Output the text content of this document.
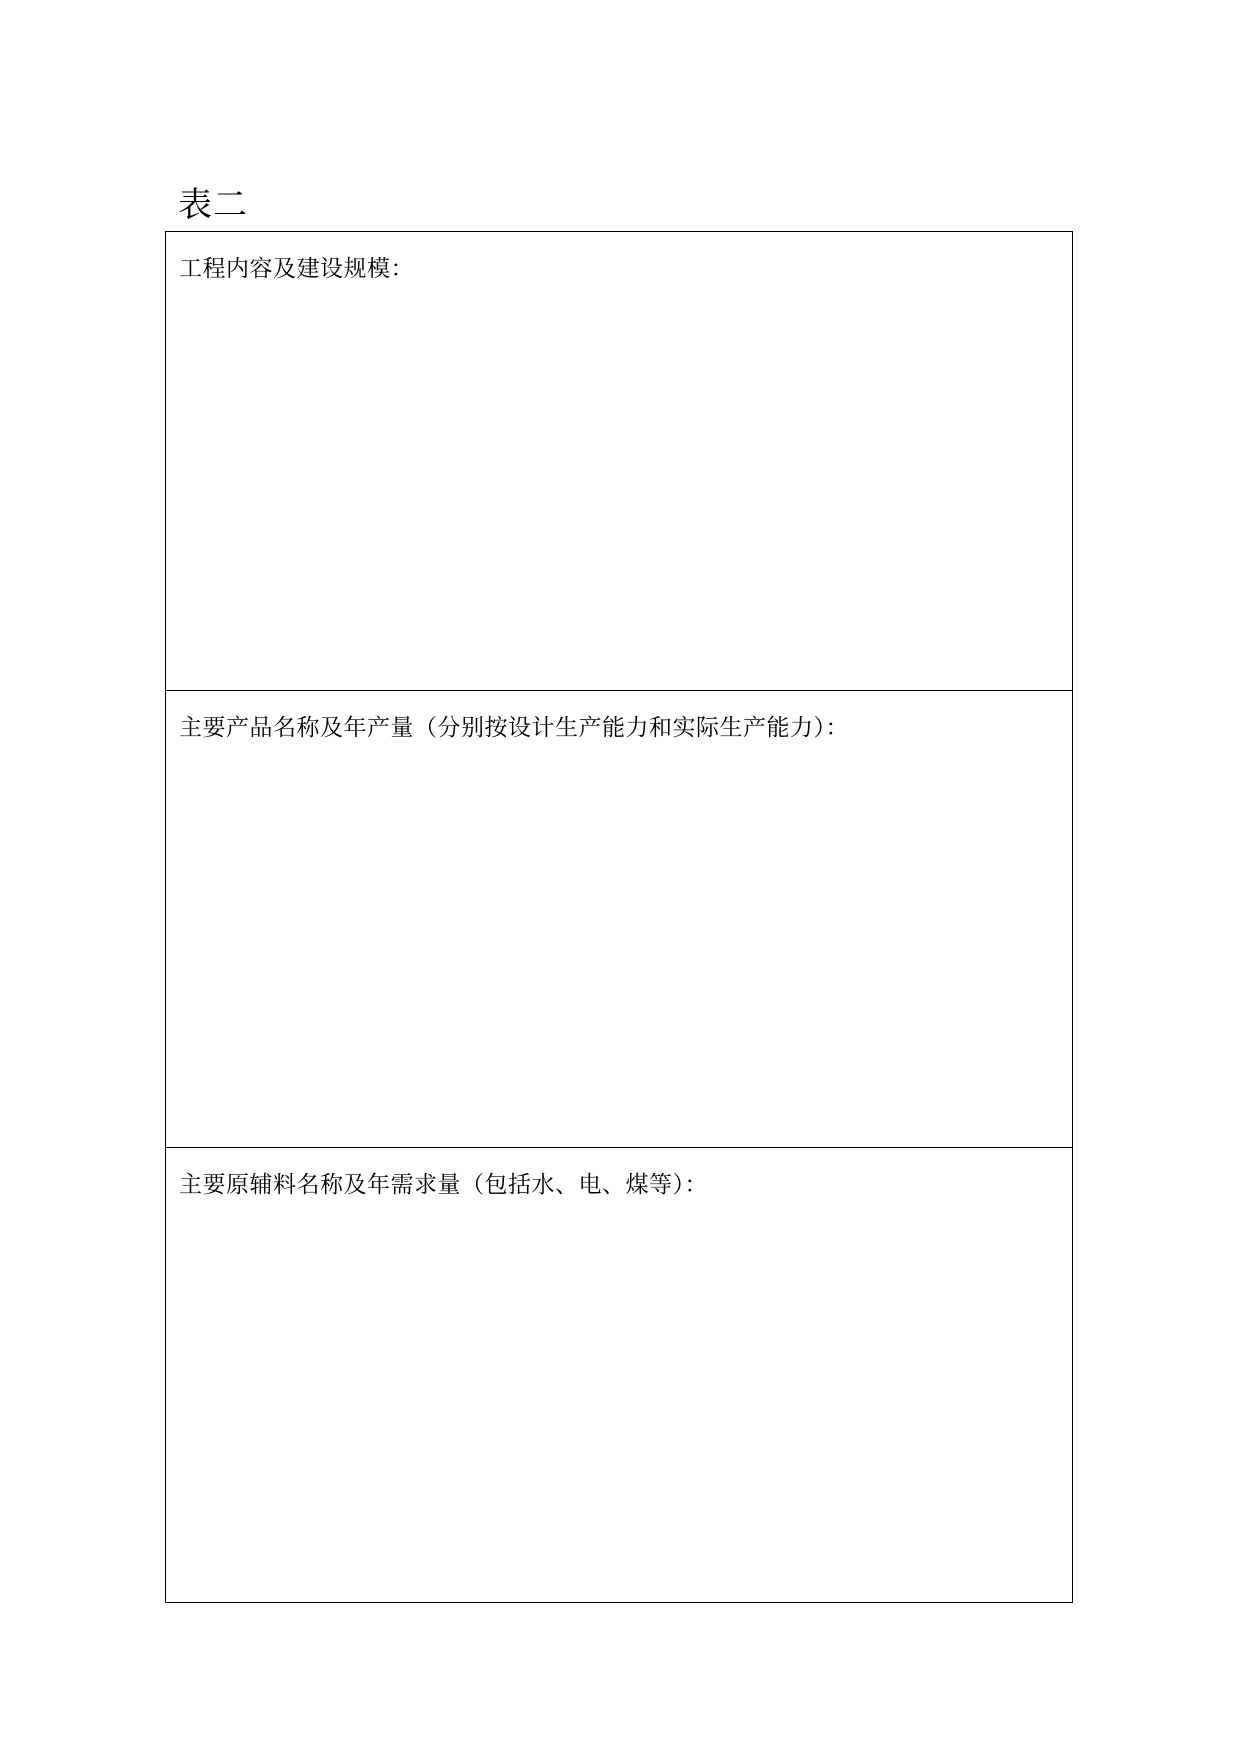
表二
工程内容及建设规模：
主要产品名称及年产量（分别按设计生产能力和实际生产能力）：
主要原辅料名称及年需求量（包括水、电、煤等）：
